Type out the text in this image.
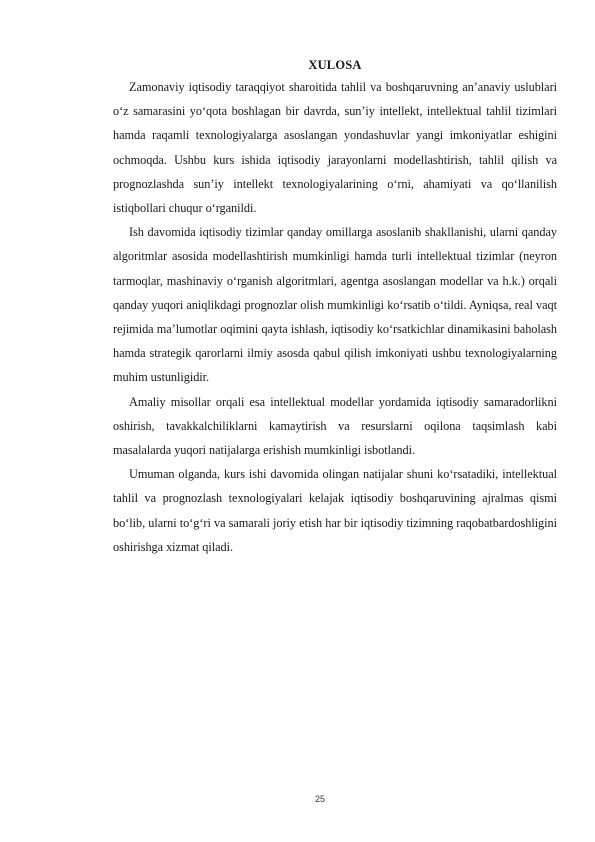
XULOSA

Zamonaviy iqtisodiy taraqqiyot sharoitida tahlil va boshqaruvning an’anaviy uslublari o‘z samarasini yo‘qota boshlagan bir davrda, sun’iy intellekt, intellektual tahlil tizimlari hamda raqamli texnologiyalarga asoslangan yondashuvlar yangi imkoniyatlar eshigini ochmoqda. Ushbu kurs ishida iqtisodiy jarayonlarni modellashtirish, tahlil qilish va prognozlashda sun’iy intellekt texnologiyalarining o‘rni, ahamiyati va qo‘llanilish istiqbollari chuqur o‘rganildi.

Ish davomida iqtisodiy tizimlar qanday omillarga asoslanib shakllanishi, ularni qanday algoritmlar asosida modellashtirish mumkinligi hamda turli intellektual tizimlar (neyron tarmoqlar, mashinaviy o‘rganish algoritmlari, agentga asoslangan modellar va h.k.) orqali qanday yuqori aniqlikdagi prognozlar olish mumkinligi ko‘rsatib o‘tildi. Ayniqsa, real vaqt rejimida ma’lumotlar oqimini qayta ishlash, iqtisodiy ko‘rsatkichlar dinamikasini baholash hamda strategik qarorlarni ilmiy asosda qabul qilish imkoniyati ushbu texnologiyalarning muhim ustunligidir.

Amaliy misollar orqali esa intellektual modellar yordamida iqtisodiy samaradorlikni oshirish, tavakkalchiliklarni kamaytirish va resurslarni oqilona taqsimlash kabi masalalarda yuqori natijalarga erishish mumkinligi isbotlandi.

Umuman olganda, kurs ishi davomida olingan natijalar shuni ko‘rsatadiki, intellektual tahlil va prognozlash texnologiyalari kelajak iqtisodiy boshqaruvining ajralmas qismi bo‘lib, ularni to‘g‘ri va samarali joriy etish har bir iqtisodiy tizimning raqobatbardoshligini oshirishga xizmat qiladi.

25
